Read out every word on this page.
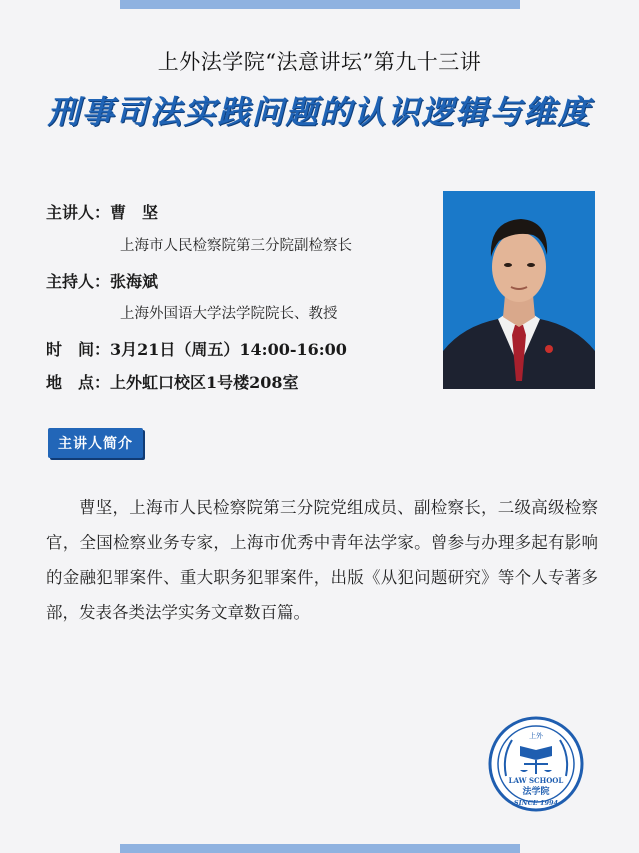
上外法学院“法意讲坛”第九十三讲
刑事司法实践问题的认识逻辑与维度
主讲人：曹　坚
上海市人民检察院第三分院副检察长
主持人：张海斌
上海外国语大学法学院院长、教授
时　间：3月21日（周五）14:00-16:00
地　点：上外虹口校区1号楼208室
主讲人简介
曹坚，上海市人民检察院第三分院党组成员、副检察长，二级高级检察官，全国检察业务专家，上海市优秀中青年法学家。曾参与办理多起有影响的金融犯罪案件、重大职务犯罪案件，出版《从犯问题研究》等个人专著多部，发表各类法学实务文章数百篇。
上外
LAW SCHOOL
法学院
SINCE 1994
